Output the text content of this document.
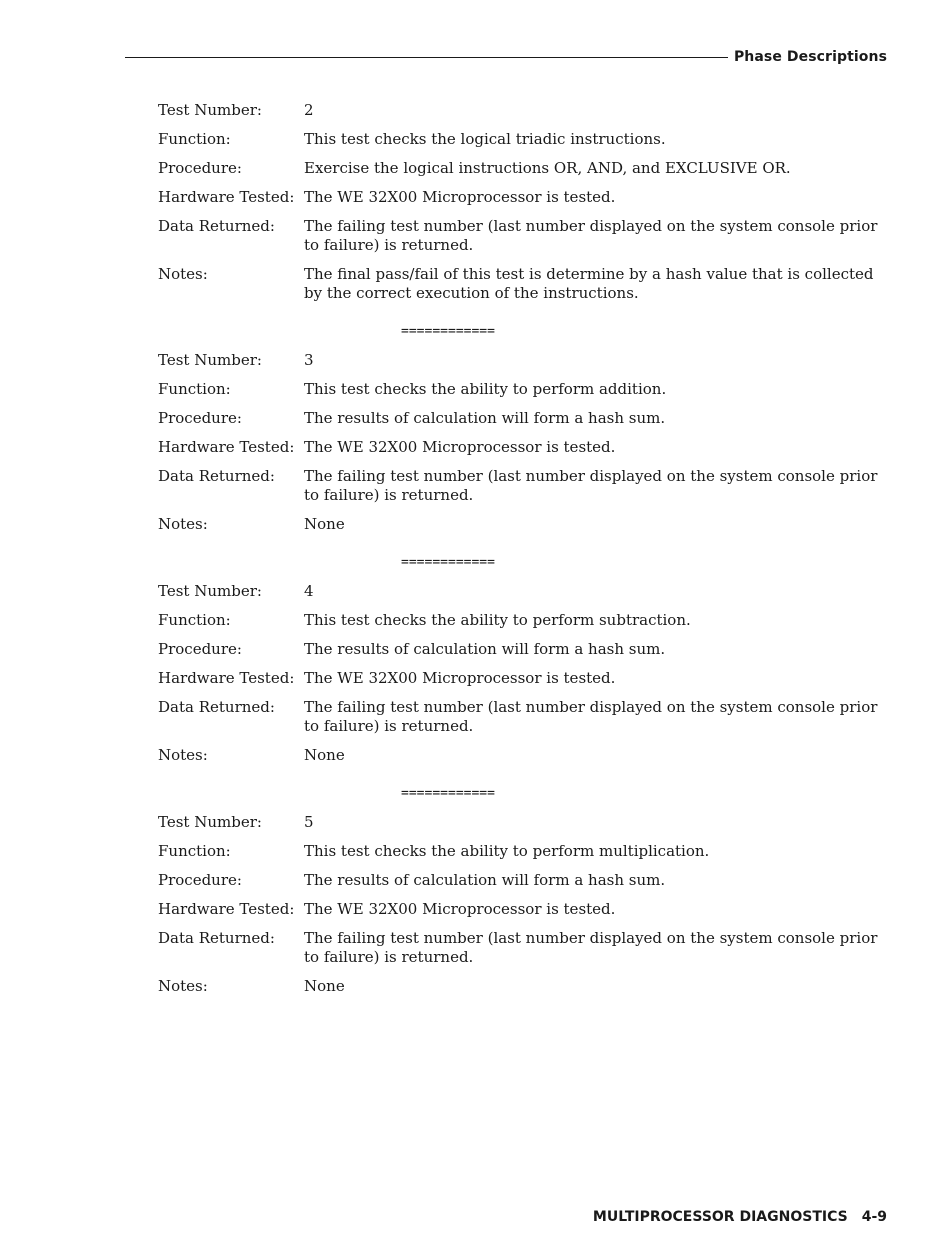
Phase Descriptions
Test Number:	2
Function:	This test checks the logical triadic instructions.
Procedure:	Exercise the logical instructions OR, AND, and EXCLUSIVE OR.
Hardware Tested: The WE 32X00 Microprocessor is tested.
Data Returned:	The failing test number (last number displayed on the system console prior to failure) is returned.
Notes:	The final pass/fail of this test is determine by a hash value that is collected by the correct execution of the instructions.
============
Test Number:	3
Function:	This test checks the ability to perform addition.
Procedure:	The results of calculation will form a hash sum.
Hardware Tested: The WE 32X00 Microprocessor is tested.
Data Returned:	The failing test number (last number displayed on the system console prior to failure) is returned.
Notes:	None
============
Test Number:	4
Function:	This test checks the ability to perform subtraction.
Procedure:	The results of calculation will form a hash sum.
Hardware Tested: The WE 32X00 Microprocessor is tested.
Data Returned:	The failing test number (last number displayed on the system console prior to failure) is returned.
Notes:	None
============
Test Number:	5
Function:	This test checks the ability to perform multiplication.
Procedure:	The results of calculation will form a hash sum.
Hardware Tested: The WE 32X00 Microprocessor is tested.
Data Returned:	The failing test number (last number displayed on the system console prior to failure) is returned.
Notes:	None
MULTIPROCESSOR DIAGNOSTICS 4-9
